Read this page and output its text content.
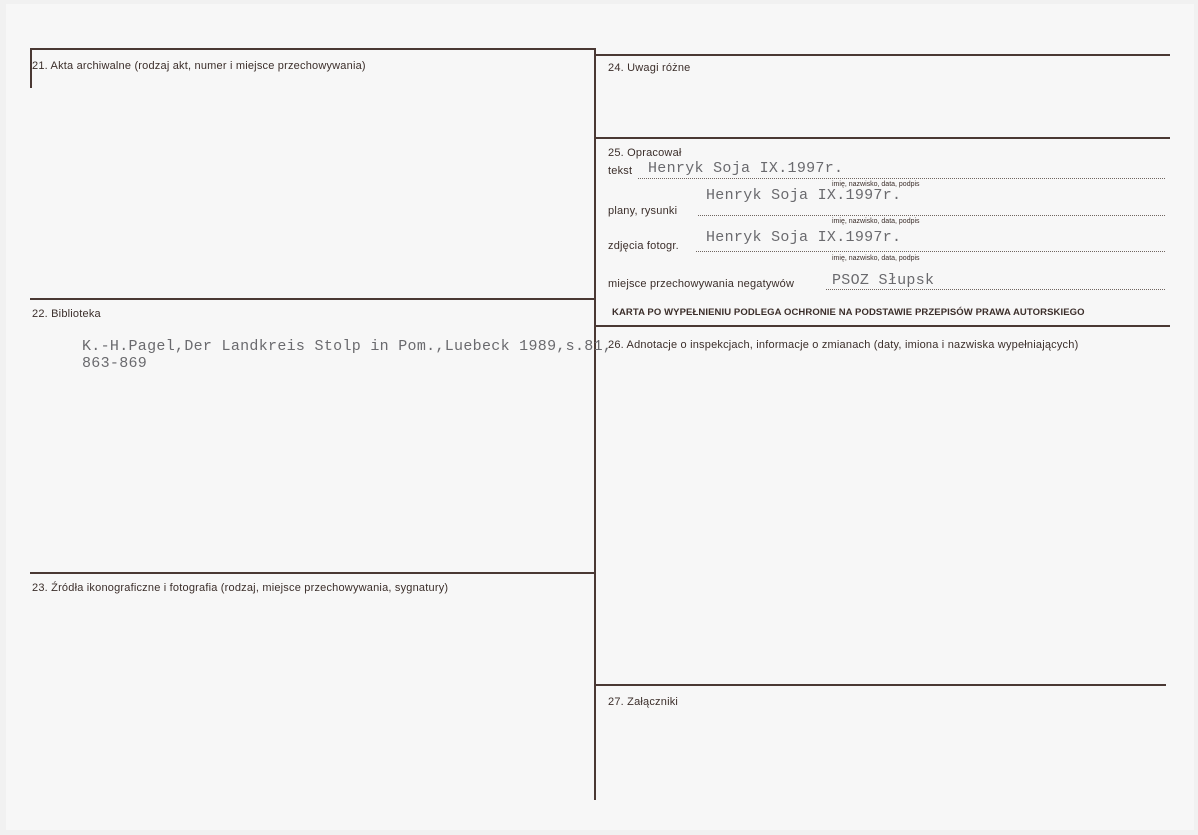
21. Akta archiwalne (rodzaj akt, numer i miejsce przechowywania)
22. Biblioteka
K.-H.Pagel,Der Landkreis Stolp in Pom.,Luebeck 1989,s.81,
863-869
23. Źródła ikonograficzne i fotografia (rodzaj, miejsce przechowywania, sygnatury)
24. Uwagi różne
25. Opracował
tekst Henryk Soja IX.1997r.
imię, nazwisko, data, podpis
Henryk Soja IX.1997r.
plany, rysunki
imię, nazwisko, data, podpis
Henryk Soja IX.1997r.
zdjęcia fotogr.
imię, nazwisko, data, podpis
miejsce przechowywania negatywów	PSOZ Słupsk
KARTA PO WYPEŁNIENIU PODLEGA OCHRONIE NA PODSTAWIE PRZEPISÓW PRAWA AUTORSKIEGO
26. Adnotacje o inspekcjach, informacje o zmianach (daty, imiona i nazwiska wypełniających)
27. Załączniki
